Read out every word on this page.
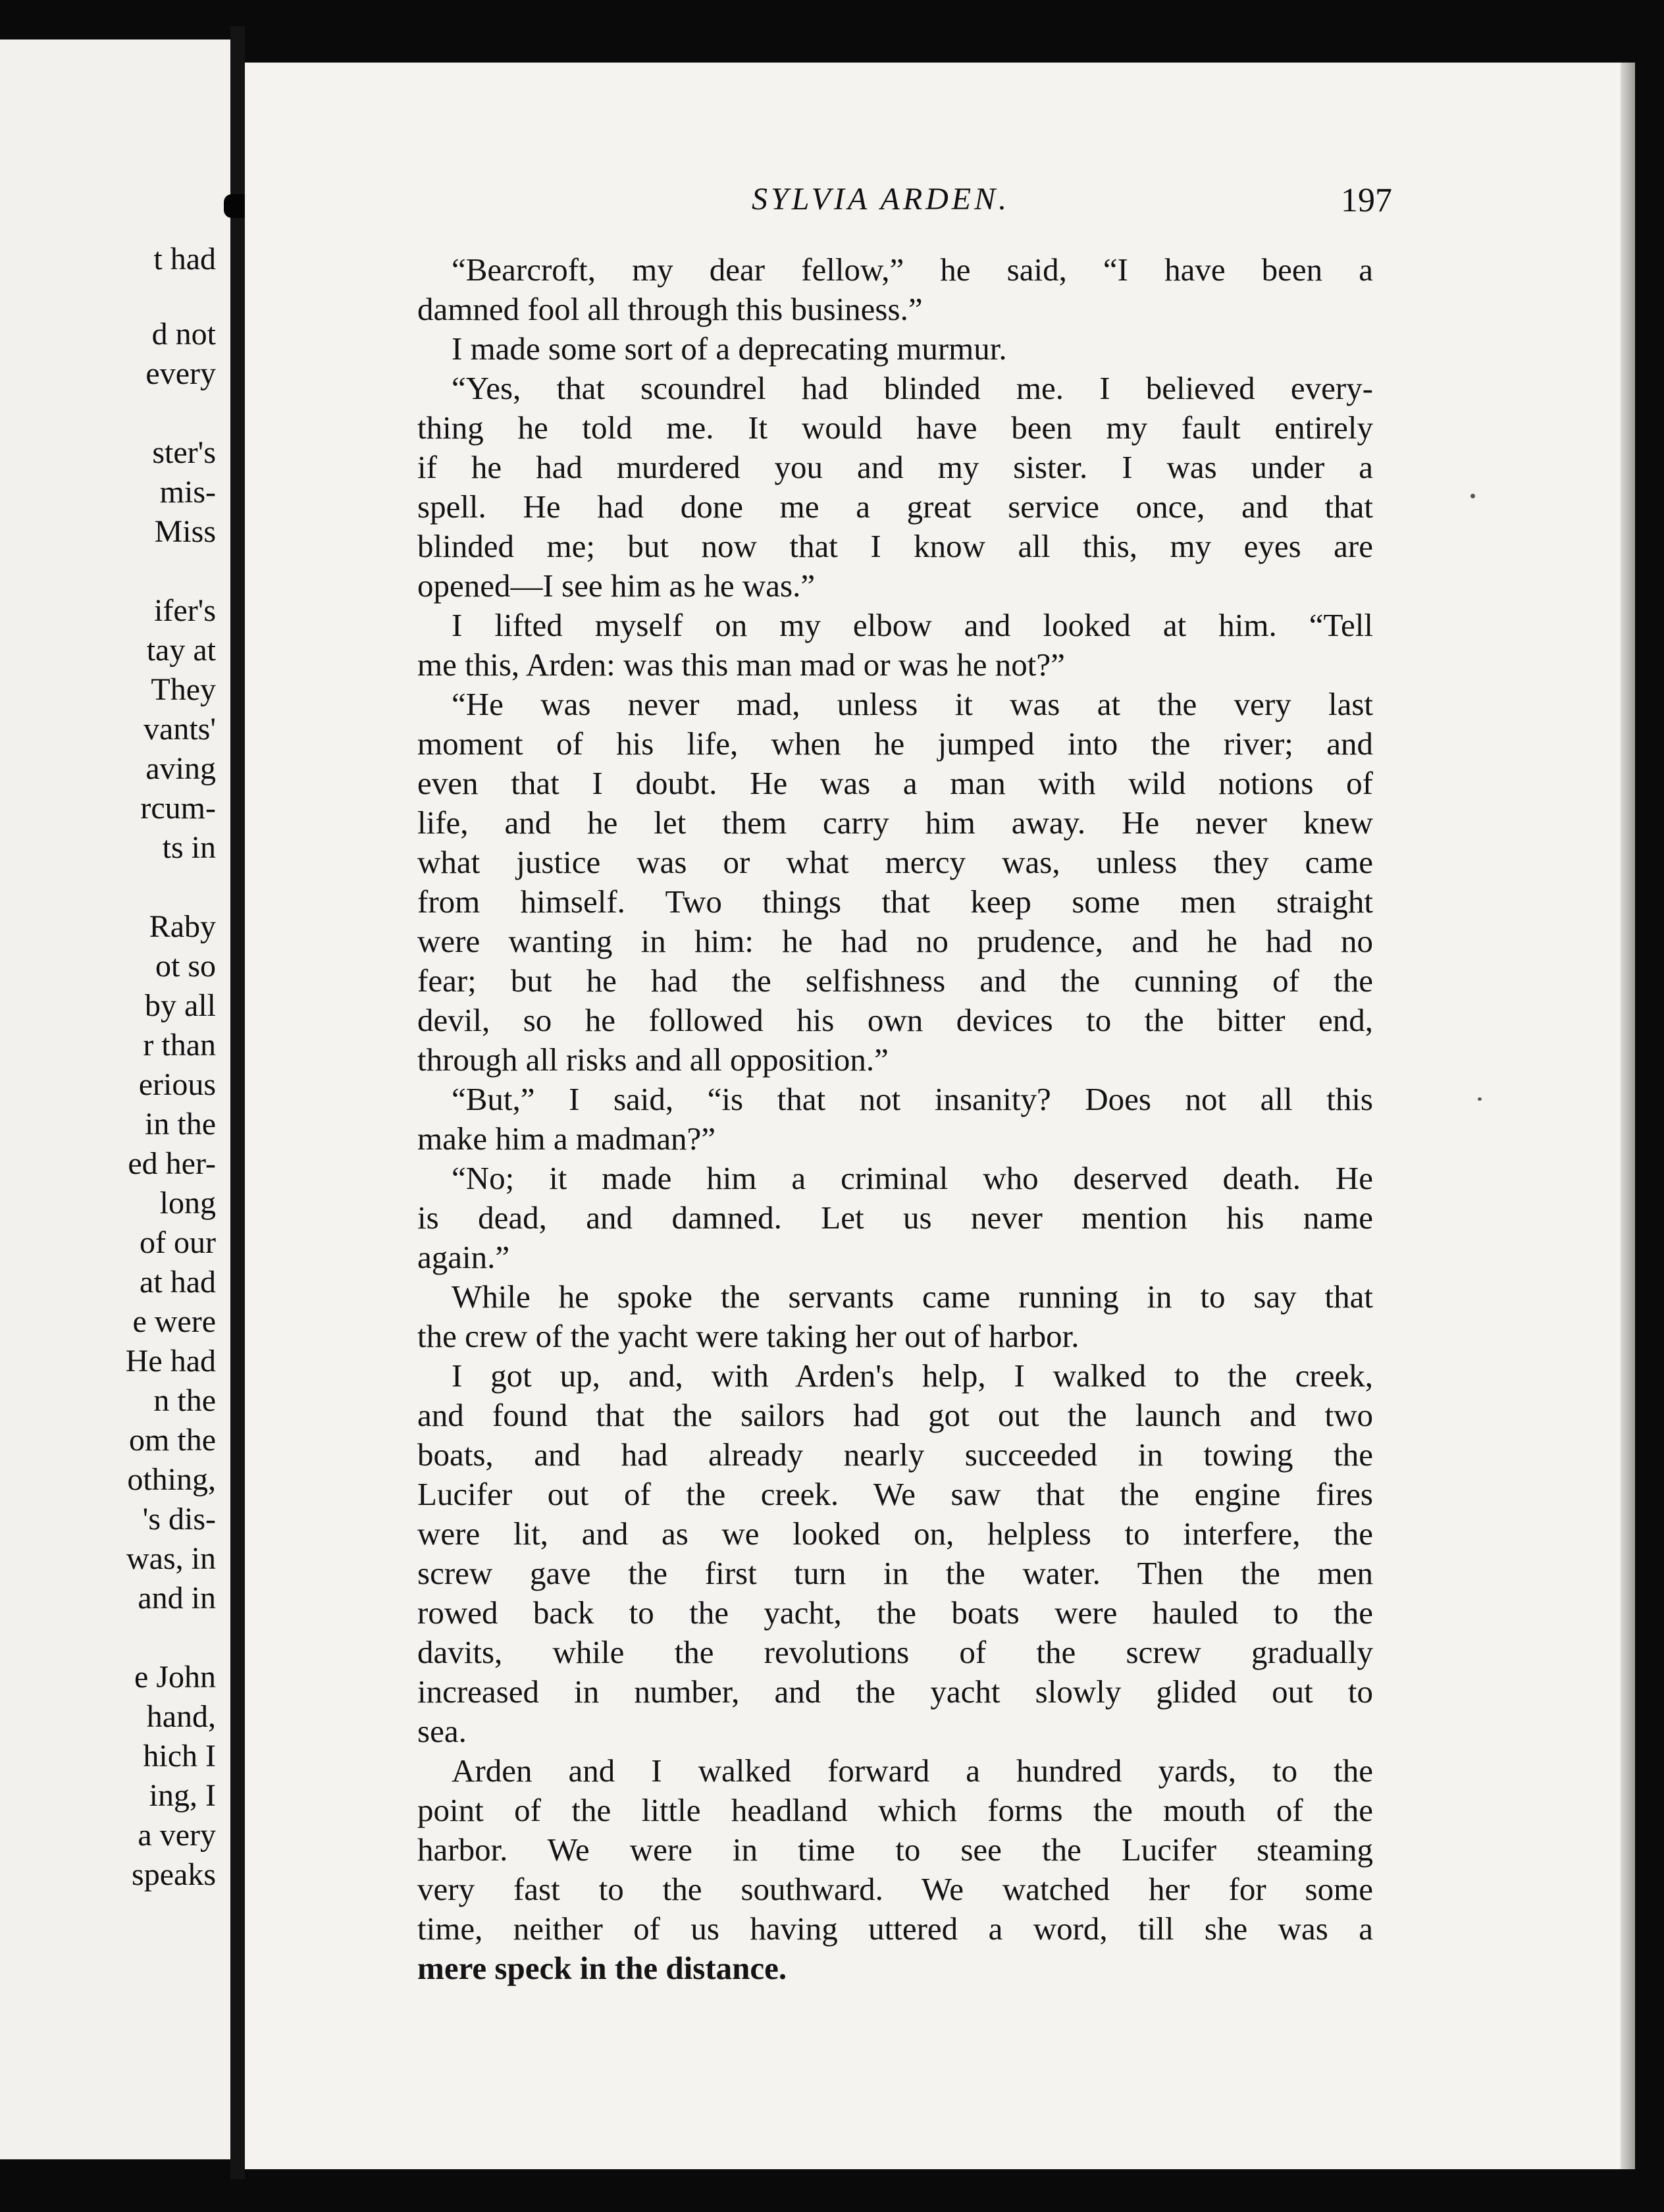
t had
d not
every
ster's
mis-
Miss
ifer's
tay at
They
vants'
aving
rcum-
ts in
Raby
ot so
by all
r than
erious
in the
ed her-
long
of our
at had
e were
He had
n the
om the
othing,
's dis-
was, in
and in
e John
hand,
hich I
ing, I
a very
speaks
SYLVIA ARDEN.	197
“Bearcroft, my dear fellow,” he said, “I have been a
damned fool all through this business.”
I made some sort of a deprecating murmur.
“Yes, that scoundrel had blinded me. I believed every-
thing he told me. It would have been my fault entirely
if he had murdered you and my sister. I was under a
spell. He had done me a great service once, and that
blinded me; but now that I know all this, my eyes are
opened—I see him as he was.”
I lifted myself on my elbow and looked at him. “Tell
me this, Arden: was this man mad or was he not?”
“He was never mad, unless it was at the very last
moment of his life, when he jumped into the river; and
even that I doubt. He was a man with wild notions of
life, and he let them carry him away. He never knew
what justice was or what mercy was, unless they came
from himself. Two things that keep some men straight
were wanting in him: he had no prudence, and he had no
fear; but he had the selfishness and the cunning of the
devil, so he followed his own devices to the bitter end,
through all risks and all opposition.”
“But,” I said, “is that not insanity? Does not all this
make him a madman?”
“No; it made him a criminal who deserved death. He
is dead, and damned. Let us never mention his name
again.”
While he spoke the servants came running in to say that
the crew of the yacht were taking her out of harbor.
I got up, and, with Arden's help, I walked to the creek,
and found that the sailors had got out the launch and two
boats, and had already nearly succeeded in towing the
Lucifer out of the creek. We saw that the engine fires
were lit, and as we looked on, helpless to interfere, the
screw gave the first turn in the water. Then the men
rowed back to the yacht, the boats were hauled to the
davits, while the revolutions of the screw gradually
increased in number, and the yacht slowly glided out to
sea.
Arden and I walked forward a hundred yards, to the
point of the little headland which forms the mouth of the
harbor. We were in time to see the Lucifer steaming
very fast to the southward. We watched her for some
time, neither of us having uttered a word, till she was a
mere speck in the distance.
